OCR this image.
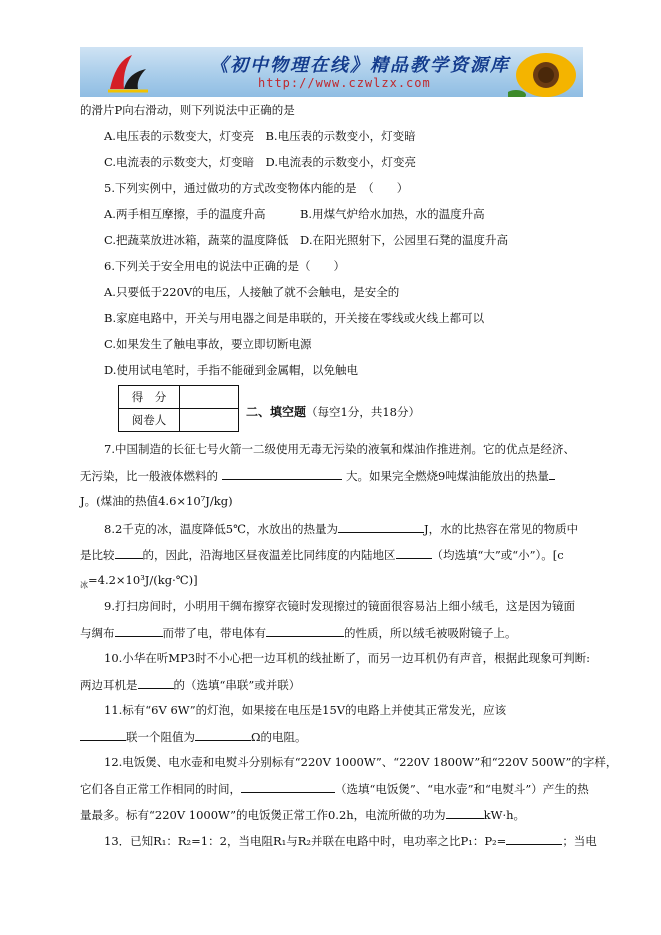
《初中物理在线》精品教学资源库
http://www.czwlzx.com
的滑片P向右滑动，则下列说法中正确的是
A.电压表的示数变大，灯变亮　B.电压表的示数变小，灯变暗
C.电流表的示数变大，灯变暗　D.电流表的示数变小，灯变亮
5.下列实例中，通过做功的方式改变物体内能的是　（　　）
A.两手相互摩擦，手的温度升高　　　B.用煤气炉给水加热，水的温度升高
C.把蔬菜放进冰箱，蔬菜的温度降低　D.在阳光照射下，公园里石凳的温度升高
6.下列关于安全用电的说法中正确的是（　　）
A.只要低于220V的电压，人接触了就不会触电，是安全的
B.家庭电路中，开关与用电器之间是串联的，开关接在零线或火线上都可以
C.如果发生了触电事故，要立即切断电源
D.使用试电笔时，手指不能碰到金属帽，以免触电
得　分	
阅卷人	
二、填空题（每空1分，共18分）
7.中国制造的长征七号火箭一二级使用无毒无污染的液氧和煤油作推进剂。它的优点是经济、
无污染，比一般液体燃料的	大。如果完全燃烧9吨煤油能放出的热量
J。(煤油的热值4.6×10⁷J/kg)
8.2千克的冰，温度降低5℃，水放出的热量为	J，水的比热容在常见的物质中
是比较 的，因此，沿海地区昼夜温差比同纬度的内陆地区	（均选填“大”或“小”）。[c
$_冰$=4.2×10³J/(kg·℃)]
9.打扫房间时，小明用干绸布擦穿衣镜时发现擦过的镜面很容易沾上细小绒毛，这是因为镜面
与绸布	而带了电，带电体有	的性质，所以绒毛被吸附镜子上。
10.小华在听MP3时不小心把一边耳机的线扯断了，而另一边耳机仍有声音，根据此现象可判断:
两边耳机是	的（选填“串联”或并联）
11.标有“6V 6W”的灯泡，如果接在电压是15V的电路上并使其正常发光，应该
联一个阻值为	Ω的电阻。
12.电饭煲、电水壶和电熨斗分别标有“220V 1000W”、“220V 1800W”和“220V 500W”的字样，
它们各自正常工作相同的时间，	（选填“电饭煲”、“电水壶”和“电熨斗”）产生的热
量最多。标有“220V 1000W”的电饭煲正常工作0.2h，电流所做的功为	kW·h。
13．已知R₁：R₂=1：2，当电阻R₁与R₂并联在电路中时，电功率之比P₁：P₂=	；当电
